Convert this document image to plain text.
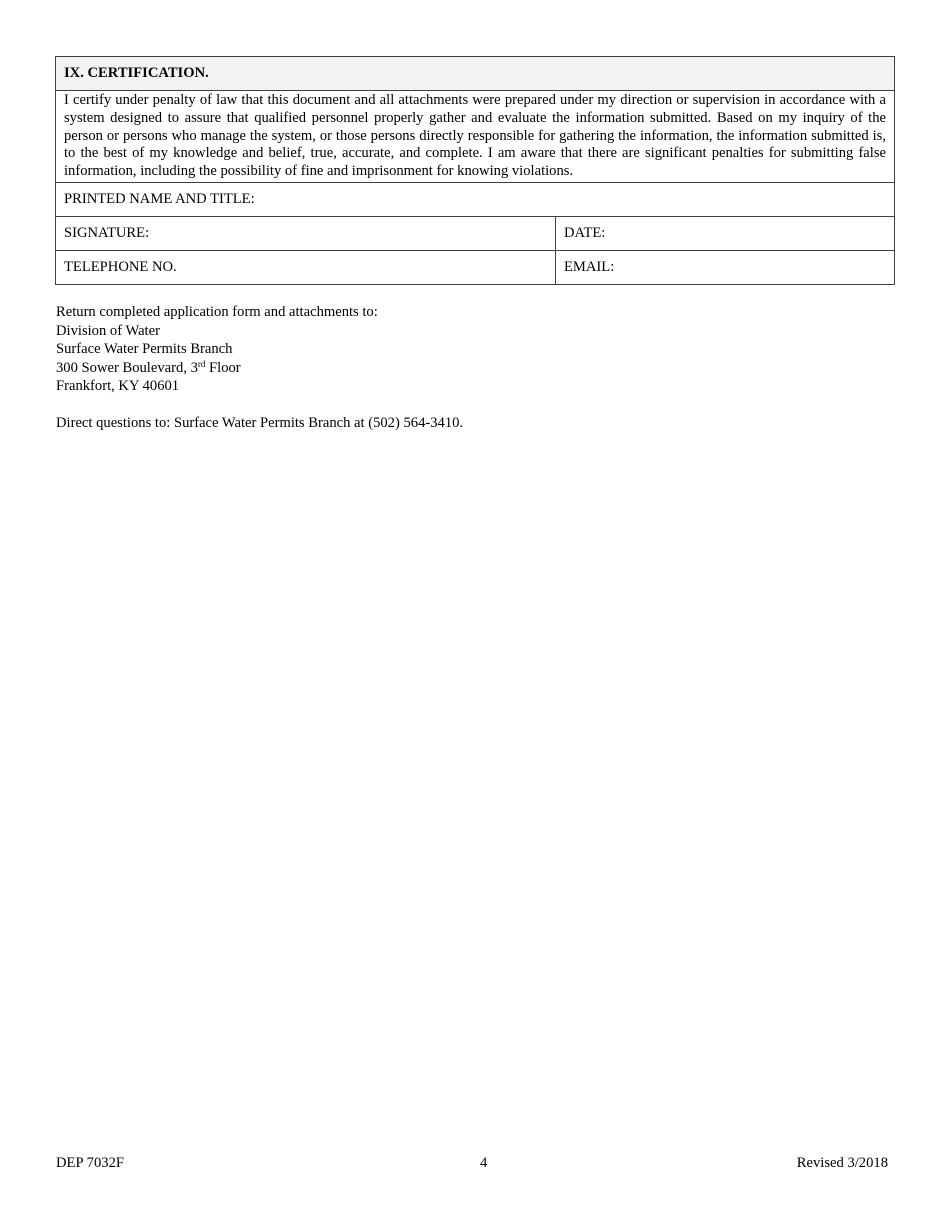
IX. CERTIFICATION.	
I certify under penalty of law that this document and all attachments were prepared under my direction or supervision in accordance with a system designed to assure that qualified personnel properly gather and evaluate the information submitted. Based on my inquiry of the person or persons who manage the system, or those persons directly responsible for gathering the information, the information submitted is, to the best of my knowledge and belief, true, accurate, and complete. I am aware that there are significant penalties for submitting false information, including the possibility of fine and imprisonment for knowing violations.	
PRINTED NAME AND TITLE:	
SIGNATURE:	DATE:
TELEPHONE NO.	EMAIL:
Return completed application form and attachments to:
Division of Water
Surface Water Permits Branch
300 Sower Boulevard, 3rd Floor
Frankfort, KY 40601
Direct questions to: Surface Water Permits Branch at (502) 564-3410.
DEP 7032F	4	Revised 3/2018
